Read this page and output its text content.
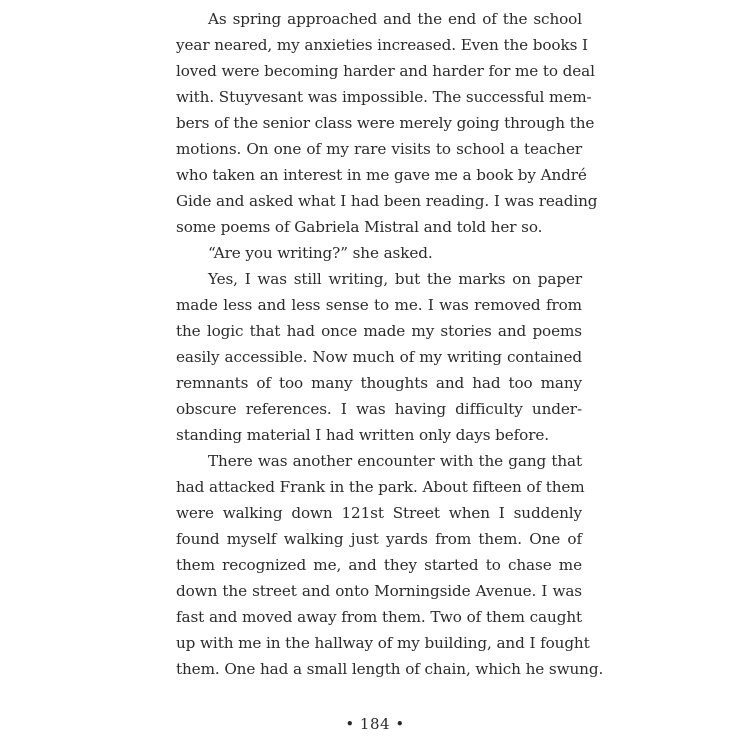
As spring approached and the end of the school
year neared, my anxieties increased. Even the books I
loved were becoming harder and harder for me to deal
with. Stuyvesant was impossible. The successful mem-
bers of the senior class were merely going through the
motions. On one of my rare visits to school a teacher
who taken an interest in me gave me a book by André
Gide and asked what I had been reading. I was reading
some poems of Gabriela Mistral and told her so.
“Are you writing?” she asked.
Yes, I was still writing, but the marks on paper
made less and less sense to me. I was removed from
the logic that had once made my stories and poems
easily accessible. Now much of my writing contained
remnants of too many thoughts and had too many
obscure references. I was having difficulty under-
standing material I had written only days before.
There was another encounter with the gang that
had attacked Frank in the park. About fifteen of them
were walking down 121st Street when I suddenly
found myself walking just yards from them. One of
them recognized me, and they started to chase me
down the street and onto Morningside Avenue. I was
fast and moved away from them. Two of them caught
up with me in the hallway of my building, and I fought
them. One had a small length of chain, which he swung.
• 184 •
